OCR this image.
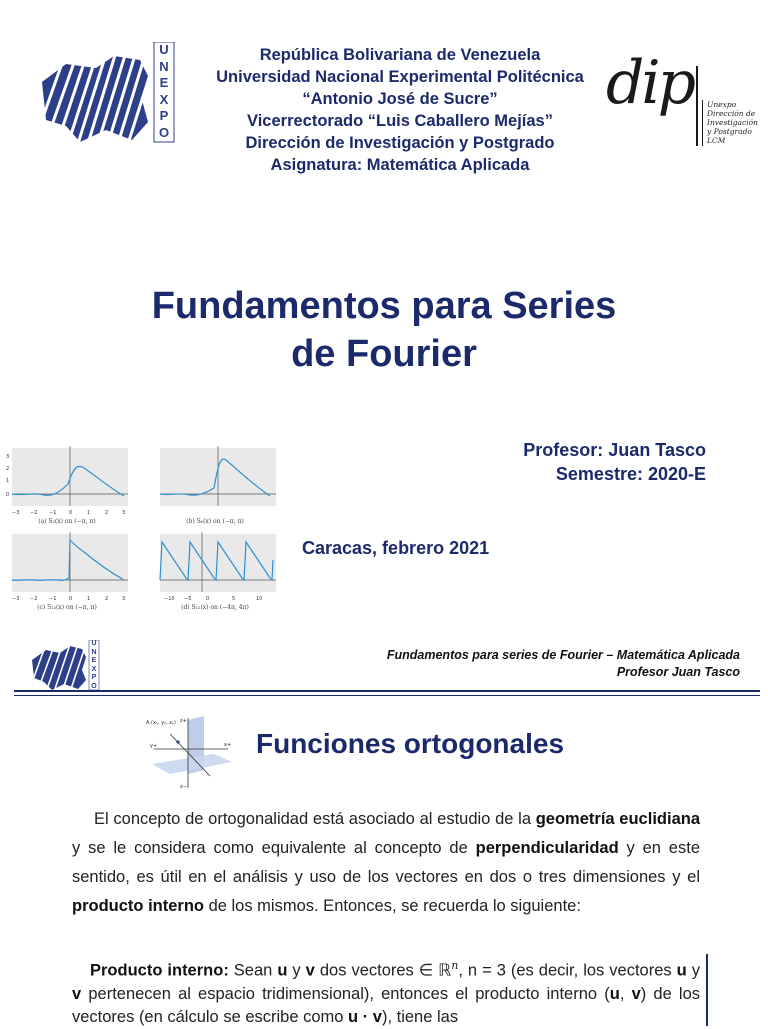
U
N
E
X
P
O
República Bolivariana de Venezuela
Universidad Nacional Experimental Politécnica
“Antonio José de Sucre”
Vicerrectorado “Luis Caballero Mejías”
Dirección de Investigación y Postgrado
Asignatura: Matemática Aplicada
dip Unexpo
Dirección de
Investigación
y Postgrado
LCM
Fundamentos para Series
de Fourier
−3 −2 −1	0	1	2	3
3
2
1
0
(a) S₃(x) on (−π, π)	(b) S₆(x) on (−π, π)
−3 −2 −1	0	1	2	3
(c) S₁₂(x) on (−π, π)
−10 −5	0	5	10
(d) S₁₂(x) on (−4π, 4π)
Profesor: Juan Tasco
Semestre: 2020-E
Caracas, febrero 2021
U
N
E
X
P
O
Fundamentos para series de Fourier – Matemática Aplicada
Profesor Juan Tasco
A (x₁, y₁, z₁) z+
x+
y+
z−
Funciones ortogonales

El concepto de ortogonalidad está asociado al estudio de la geometría euclidiana y se le considera como equivalente al concepto de perpendicularidad y en este sentido, es útil en el análisis y uso de los vectores en dos o tres dimensiones y el producto interno de los mismos. Entonces, se recuerda lo siguiente:

Producto interno: Sean u y v dos vectores ∈ ℝ$^n$, n = 3 (es decir, los vectores u y v pertenecen al espacio tridimensional), entonces el producto interno (u, v) de los vectores (en cálculo se escribe como u · v), tiene las
